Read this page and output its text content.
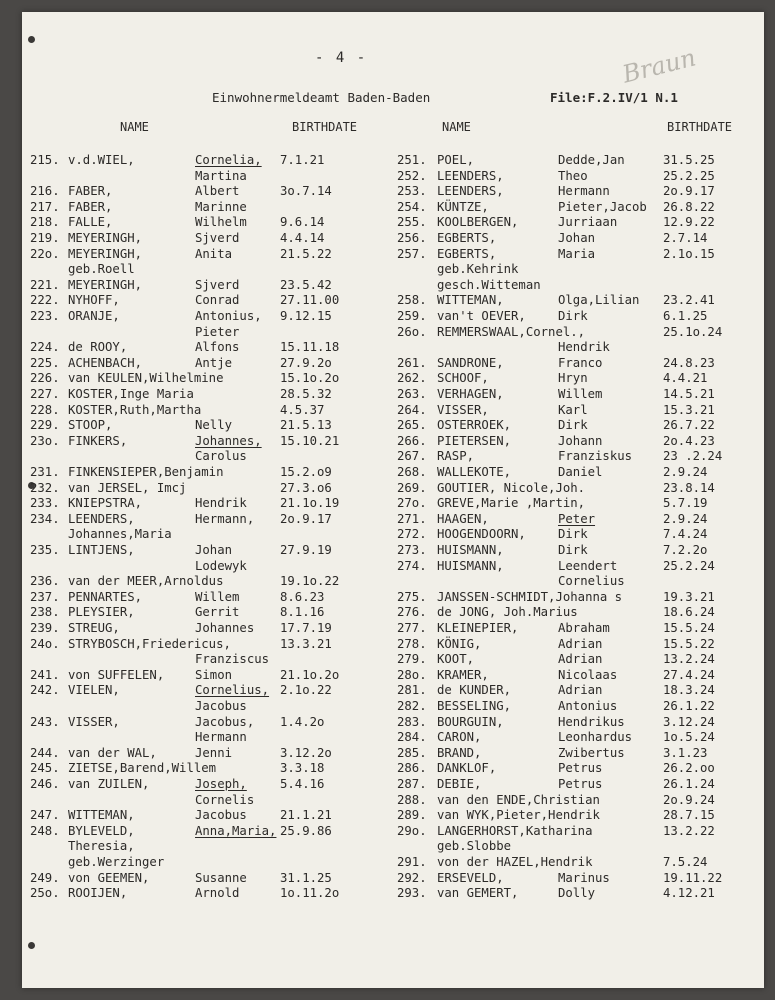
- 4 -	Braun
Einwohnermeldeamt Baden-Baden	File:F.2.IV/1 N.1
NAME	BIRTHDATE	NAME	BIRTHDATE
215. v.d.WIEL,	Cornelia, 7.1.21
Martina
216. FABER,	Albert	3o.7.14
217. FABER,	Marinne
218. FALLE,	Wilhelm	9.6.14
219. MEYERINGH,	Sjverd	4.4.14
22o. MEYERINGH,	Anita	21.5.22
geb.Roell
221. MEYERINGH,	Sjverd	23.5.42
222. NYHOFF,	Conrad	27.11.00
223. ORANJE,	Antonius, 9.12.15
Pieter
224. de ROOY,	Alfons	15.11.18
225. ACHENBACH,	Antje	27.9.2o
226. van KEULEN,Wilhelmine	15.1o.2o
227. KOSTER,Inge Maria	28.5.32
228. KOSTER,Ruth,Martha	4.5.37
229. STOOP,	Nelly	21.5.13
23o. FINKERS,	Johannes, 15.10.21
Carolus
231. FINKENSIEPER,Benjamin	15.2.o9
232. van JERSEL, Imcj	27.3.o6
233. KNIEPSTRA,	Hendrik	21.1o.19
234. LEENDERS,	Hermann, 2o.9.17
Johannes,Maria
235. LINTJENS,	Johan	27.9.19
Lodewyk
236. van der MEER,Arnoldus	19.1o.22
237. PENNARTES,	Willem	8.6.23
238. PLEYSIER,	Gerrit	8.1.16
239. STREUG,	Johannes 17.7.19
24o. STRYBOSCH,Friedericus,	13.3.21
Franziscus
241. von SUFFELEN,	Simon	21.1o.2o
242. VIELEN,	Cornelius, 2.1o.22
Jacobus
243. VISSER,	Jacobus, 1.4.2o
Hermann
244. van der WAL,	Jenni	3.12.2o
245. ZIETSE,Barend,Willem	3.3.18
246. van ZUILEN,	Joseph,	5.4.16
Cornelis
247. WITTEMAN,	Jacobus	21.1.21
248. BYLEVELD,	Anna,Maria, 25.9.86
Theresia,
geb.Werzinger
249. von GEEMEN,	Susanne	31.1.25
25o. ROOIJEN,	Arnold	1o.11.2o
251. POEL,	Dedde,Jan	31.5.25
252. LEENDERS,	Theo	25.2.25
253. LEENDERS,	Hermann	2o.9.17
254. KÜNTZE,	Pieter,Jacob 26.8.22
255. KOOLBERGEN,	Jurriaan	12.9.22
256. EGBERTS,	Johan	2.7.14
257. EGBERTS,	Maria	2.1o.15
geb.Kehrink
gesch.Witteman
258. WITTEMAN,	Olga,Lilian 23.2.41
259. van't OEVER,	Dirk	6.1.25
26o. REMMERSWAAL,Cornel.,	25.1o.24
Hendrik
261. SANDRONE,	Franco	24.8.23
262. SCHOOF,	Hryn	4.4.21
263. VERHAGEN,	Willem	14.5.21
264. VISSER,	Karl	15.3.21
265. OSTERROEK,	Dirk	26.7.22
266. PIETERSEN,	Johann	2o.4.23
267. RASP,	Franziskus	23 .2.24
268. WALLEKOTE,	Daniel	2.9.24
269. GOUTIER, Nicole,Joh.	23.8.14
27o. GREVE,Marie ,Martin,	5.7.19
271. HAAGEN,	Peter	2.9.24
272. HOOGENDOORN,	Dirk	7.4.24
273. HUISMANN,	Dirk	7.2.2o
274. HUISMANN,	Leendert	25.2.24
Cornelius
275. JANSSEN-SCHMIDT,Johanna s	19.3.21
276. de JONG, Joh.Marius	18.6.24
277. KLEINEPIER,	Abraham	15.5.24
278. KÖNIG,	Adrian	15.5.22
279. KOOT,	Adrian	13.2.24
28o. KRAMER,	Nicolaas	27.4.24
281. de KUNDER,	Adrian	18.3.24
282. BESSELING,	Antonius	26.1.22
283. BOURGUIN,	Hendrikus	3.12.24
284. CARON,	Leonhardus	1o.5.24
285. BRAND,	Zwibertus	3.1.23
286. DANKLOF,	Petrus	26.2.oo
287. DEBIE,	Petrus	26.1.24
288. van den ENDE,Christian	2o.9.24
289. van WYK,Pieter,Hendrik	28.7.15
29o. LANGERHORST,Katharina	13.2.22
geb.Slobbe
291. von der HAZEL,Hendrik	7.5.24
292. ERSEVELD,	Marinus	19.11.22
293. van GEMERT,	Dolly	4.12.21
